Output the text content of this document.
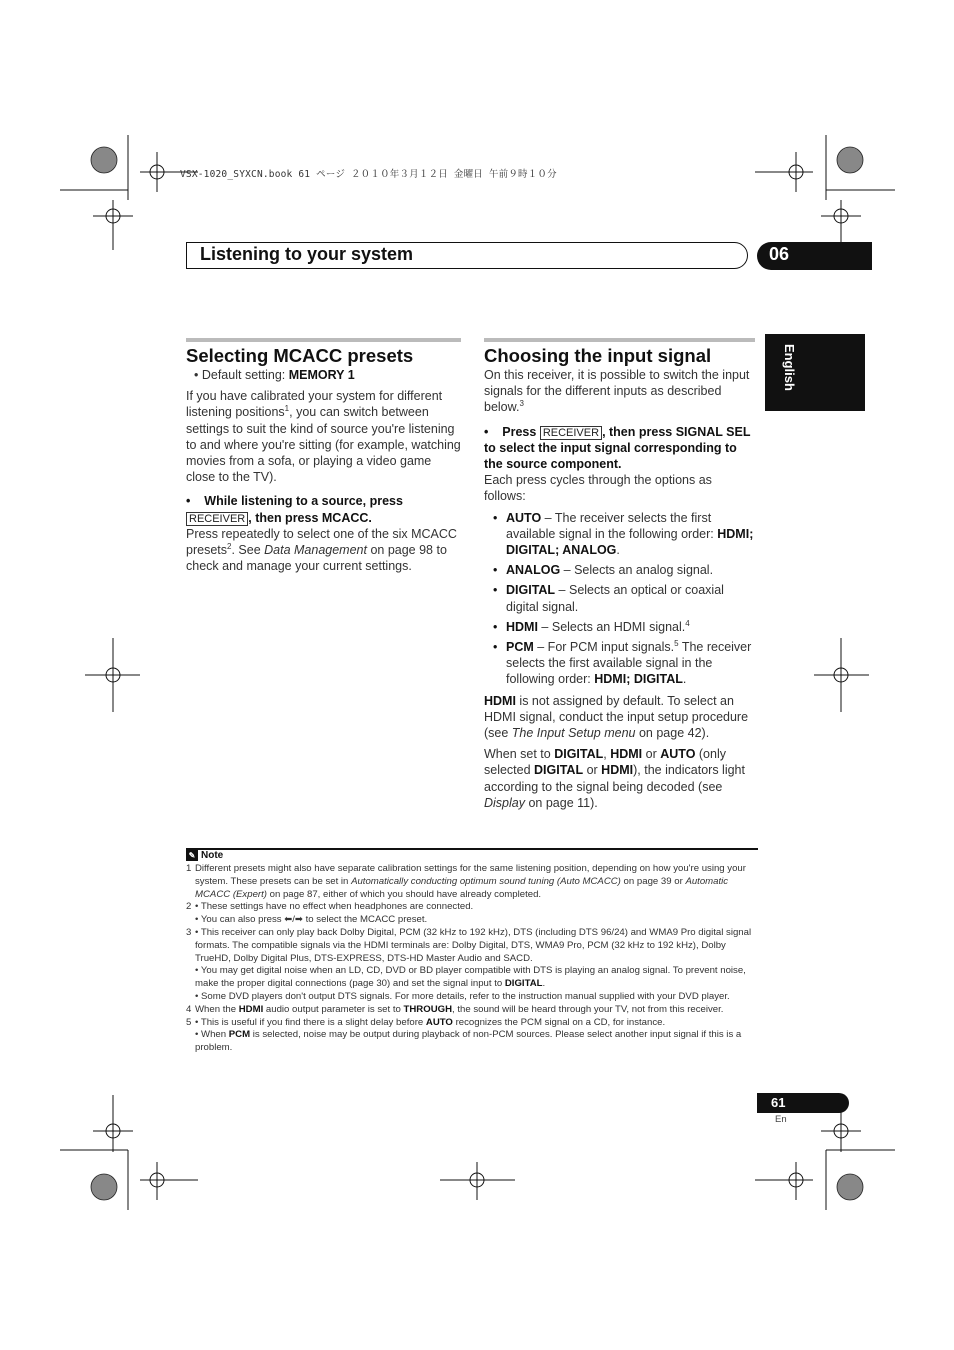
VSX-1020_SYXCN.book 61 ページ ２０１０年３月１２日 金曜日 午前９時１０分
Listening to your system	06
English
Selecting MCACC presets

• Default setting: MEMORY 1

If you have calibrated your system for different listening positions$^1$, you can switch between settings to suit the kind of source you're listening to and where you're sitting (for example, watching movies from a sofa, or playing a video game close to the TV).

•    While listening to a source, press
RECEIVER , then press MCACC.

Press repeatedly to select one of the six MCACC presets$^2$. See Data Management on page 98 to check and manage your current settings.

Choosing the input signal

On this receiver, it is possible to switch the input signals for the different inputs as described below.$^3$

•    Press RECEIVER , then press SIGNAL SEL to select the input signal corresponding to the source component.

Each press cycles through the options as follows:

• AUTO – The receiver selects the first available signal in the following order: HDMI; DIGITAL; ANALOG.
• ANALOG – Selects an analog signal.
• DIGITAL – Selects an optical or coaxial digital signal.
• HDMI – Selects an HDMI signal.$^4$
• PCM – For PCM input signals.$^5$ The receiver selects the first available signal in the following order: HDMI; DIGITAL.

HDMI is not assigned by default. To select an HDMI signal, conduct the input setup procedure (see The Input Setup menu on page 42).

When set to DIGITAL, HDMI or AUTO (only selected DIGITAL or HDMI), the indicators light according to the signal being decoded (see Display on page 11).

✎ Note
1 Different presets might also have separate calibration settings for the same listening position, depending on how you're using your system. These presets can be set in Automatically conducting optimum sound tuning (Auto MCACC) on page 39 or Automatic MCACC (Expert) on page 87, either of which you should have already completed.
2 • These settings have no effect when headphones are connected.
• You can also press ⬅/➡ to select the MCACC preset.
3 • This receiver can only play back Dolby Digital, PCM (32 kHz to 192 kHz), DTS (including DTS 96/24) and WMA9 Pro digital signal formats. The compatible signals via the HDMI terminals are: Dolby Digital, DTS, WMA9 Pro, PCM (32 kHz to 192 kHz), Dolby TrueHD, Dolby Digital Plus, DTS-EXPRESS, DTS-HD Master Audio and SACD.
• You may get digital noise when an LD, CD, DVD or BD player compatible with DTS is playing an analog signal. To prevent noise, make the proper digital connections (page 30) and set the signal input to DIGITAL.
• Some DVD players don't output DTS signals. For more details, refer to the instruction manual supplied with your DVD player.
4 When the HDMI audio output parameter is set to THROUGH, the sound will be heard through your TV, not from this receiver.
5 • This is useful if you find there is a slight delay before AUTO recognizes the PCM signal on a CD, for instance.
• When PCM is selected, noise may be output during playback of non-PCM sources. Please select another input signal if this is a problem.
61
En
